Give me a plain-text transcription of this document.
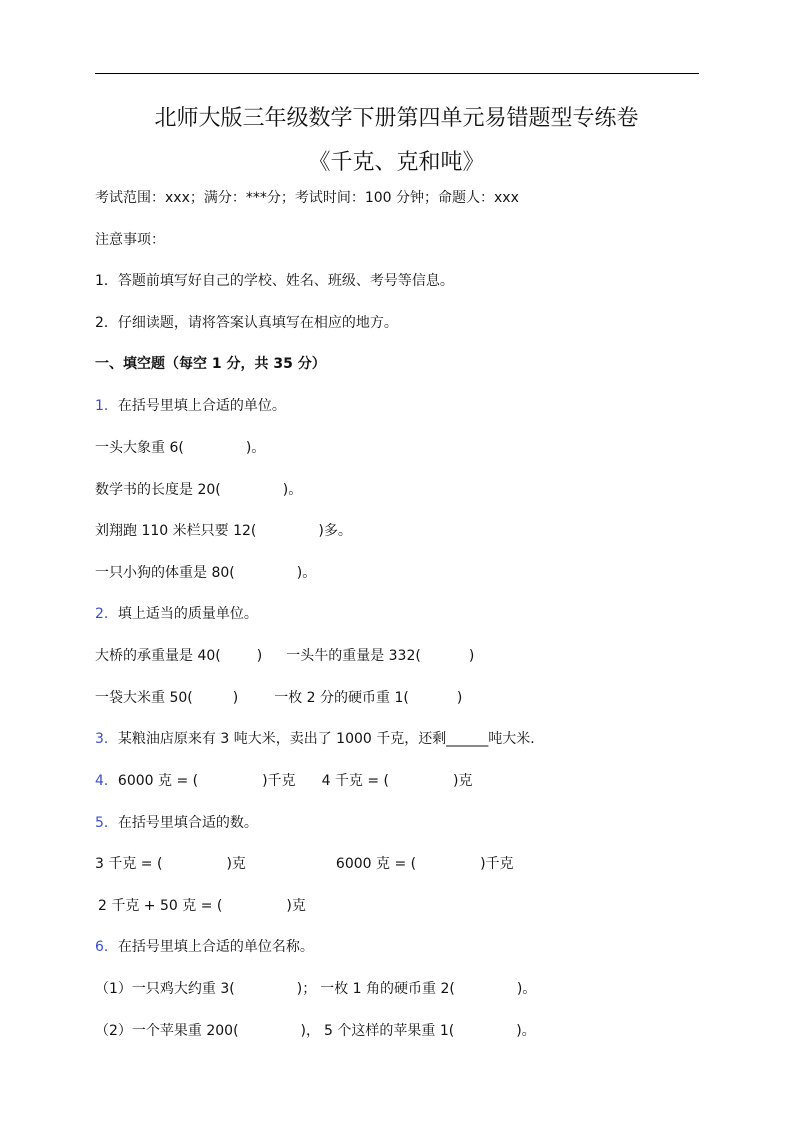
北师大版三年级数学下册第四单元易错题型专练卷
《千克、克和吨》
考试范围：xxx；满分：***分；考试时间：100 分钟；命题人：xxx
注意事项：
1．答题前填写好自己的学校、姓名、班级、考号等信息。
2．仔细读题，请将答案认真填写在相应的地方。
一、填空题（每空 1 分，共 35 分）
1．在括号里填上合适的单位。
一头大象重 6(	)。
数学书的长度是 20(	)。
刘翔跑 110 米栏只要 12(	)多。
一只小狗的体重是 80(	)。
2．填上适当的质量单位。
大桥的承重量是 40(	) 一头牛的重量是 332(	)
一袋大米重 50(	)	一枚 2 分的硬币重 1(	)
3．某粮油店原来有 3 吨大米，卖出了 1000 千克，还剩______吨大米．
4．6000 克 = (	)千克 4 千克 = (	)克
5．在括号里填合适的数。
3 千克 = (	)克	6000 克 = (	)千克
2 千克 + 50 克 = (	)克
6．在括号里填上合适的单位名称。
（1）一只鸡大约重 3(	)； 一枚 1 角的硬币重 2(	)。
（2）一个苹果重 200(	)， 5 个这样的苹果重 1(	)。
